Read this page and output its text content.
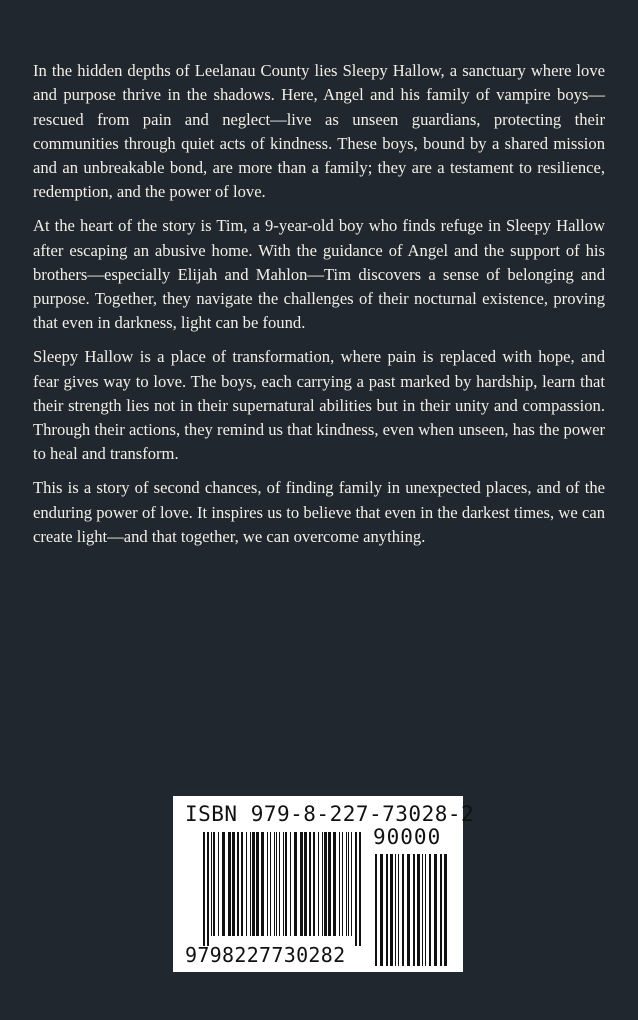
In the hidden depths of Leelanau County lies Sleepy Hallow, a sanctuary where love and purpose thrive in the shadows. Here, Angel and his family of vampire boys—rescued from pain and neglect—live as unseen guardians, protecting their communities through quiet acts of kindness. These boys, bound by a shared mission and an unbreakable bond, are more than a family; they are a testament to resilience, redemption, and the power of love.

At the heart of the story is Tim, a 9-year-old boy who finds refuge in Sleepy Hallow after escaping an abusive home. With the guidance of Angel and the support of his brothers—especially Elijah and Mahlon—Tim discovers a sense of belonging and purpose. Together, they navigate the challenges of their nocturnal existence, proving that even in darkness, light can be found.

Sleepy Hallow is a place of transformation, where pain is replaced with hope, and fear gives way to love. The boys, each carrying a past marked by hardship, learn that their strength lies not in their supernatural abilities but in their unity and compassion. Through their actions, they remind us that kindness, even when unseen, has the power to heal and transform.

This is a story of second chances, of finding family in unexpected places, and of the enduring power of love. It inspires us to believe that even in the darkest times, we can create light—and that together, we can overcome anything.

ISBN 979-8-227-73028-2
90000
9798227730282
